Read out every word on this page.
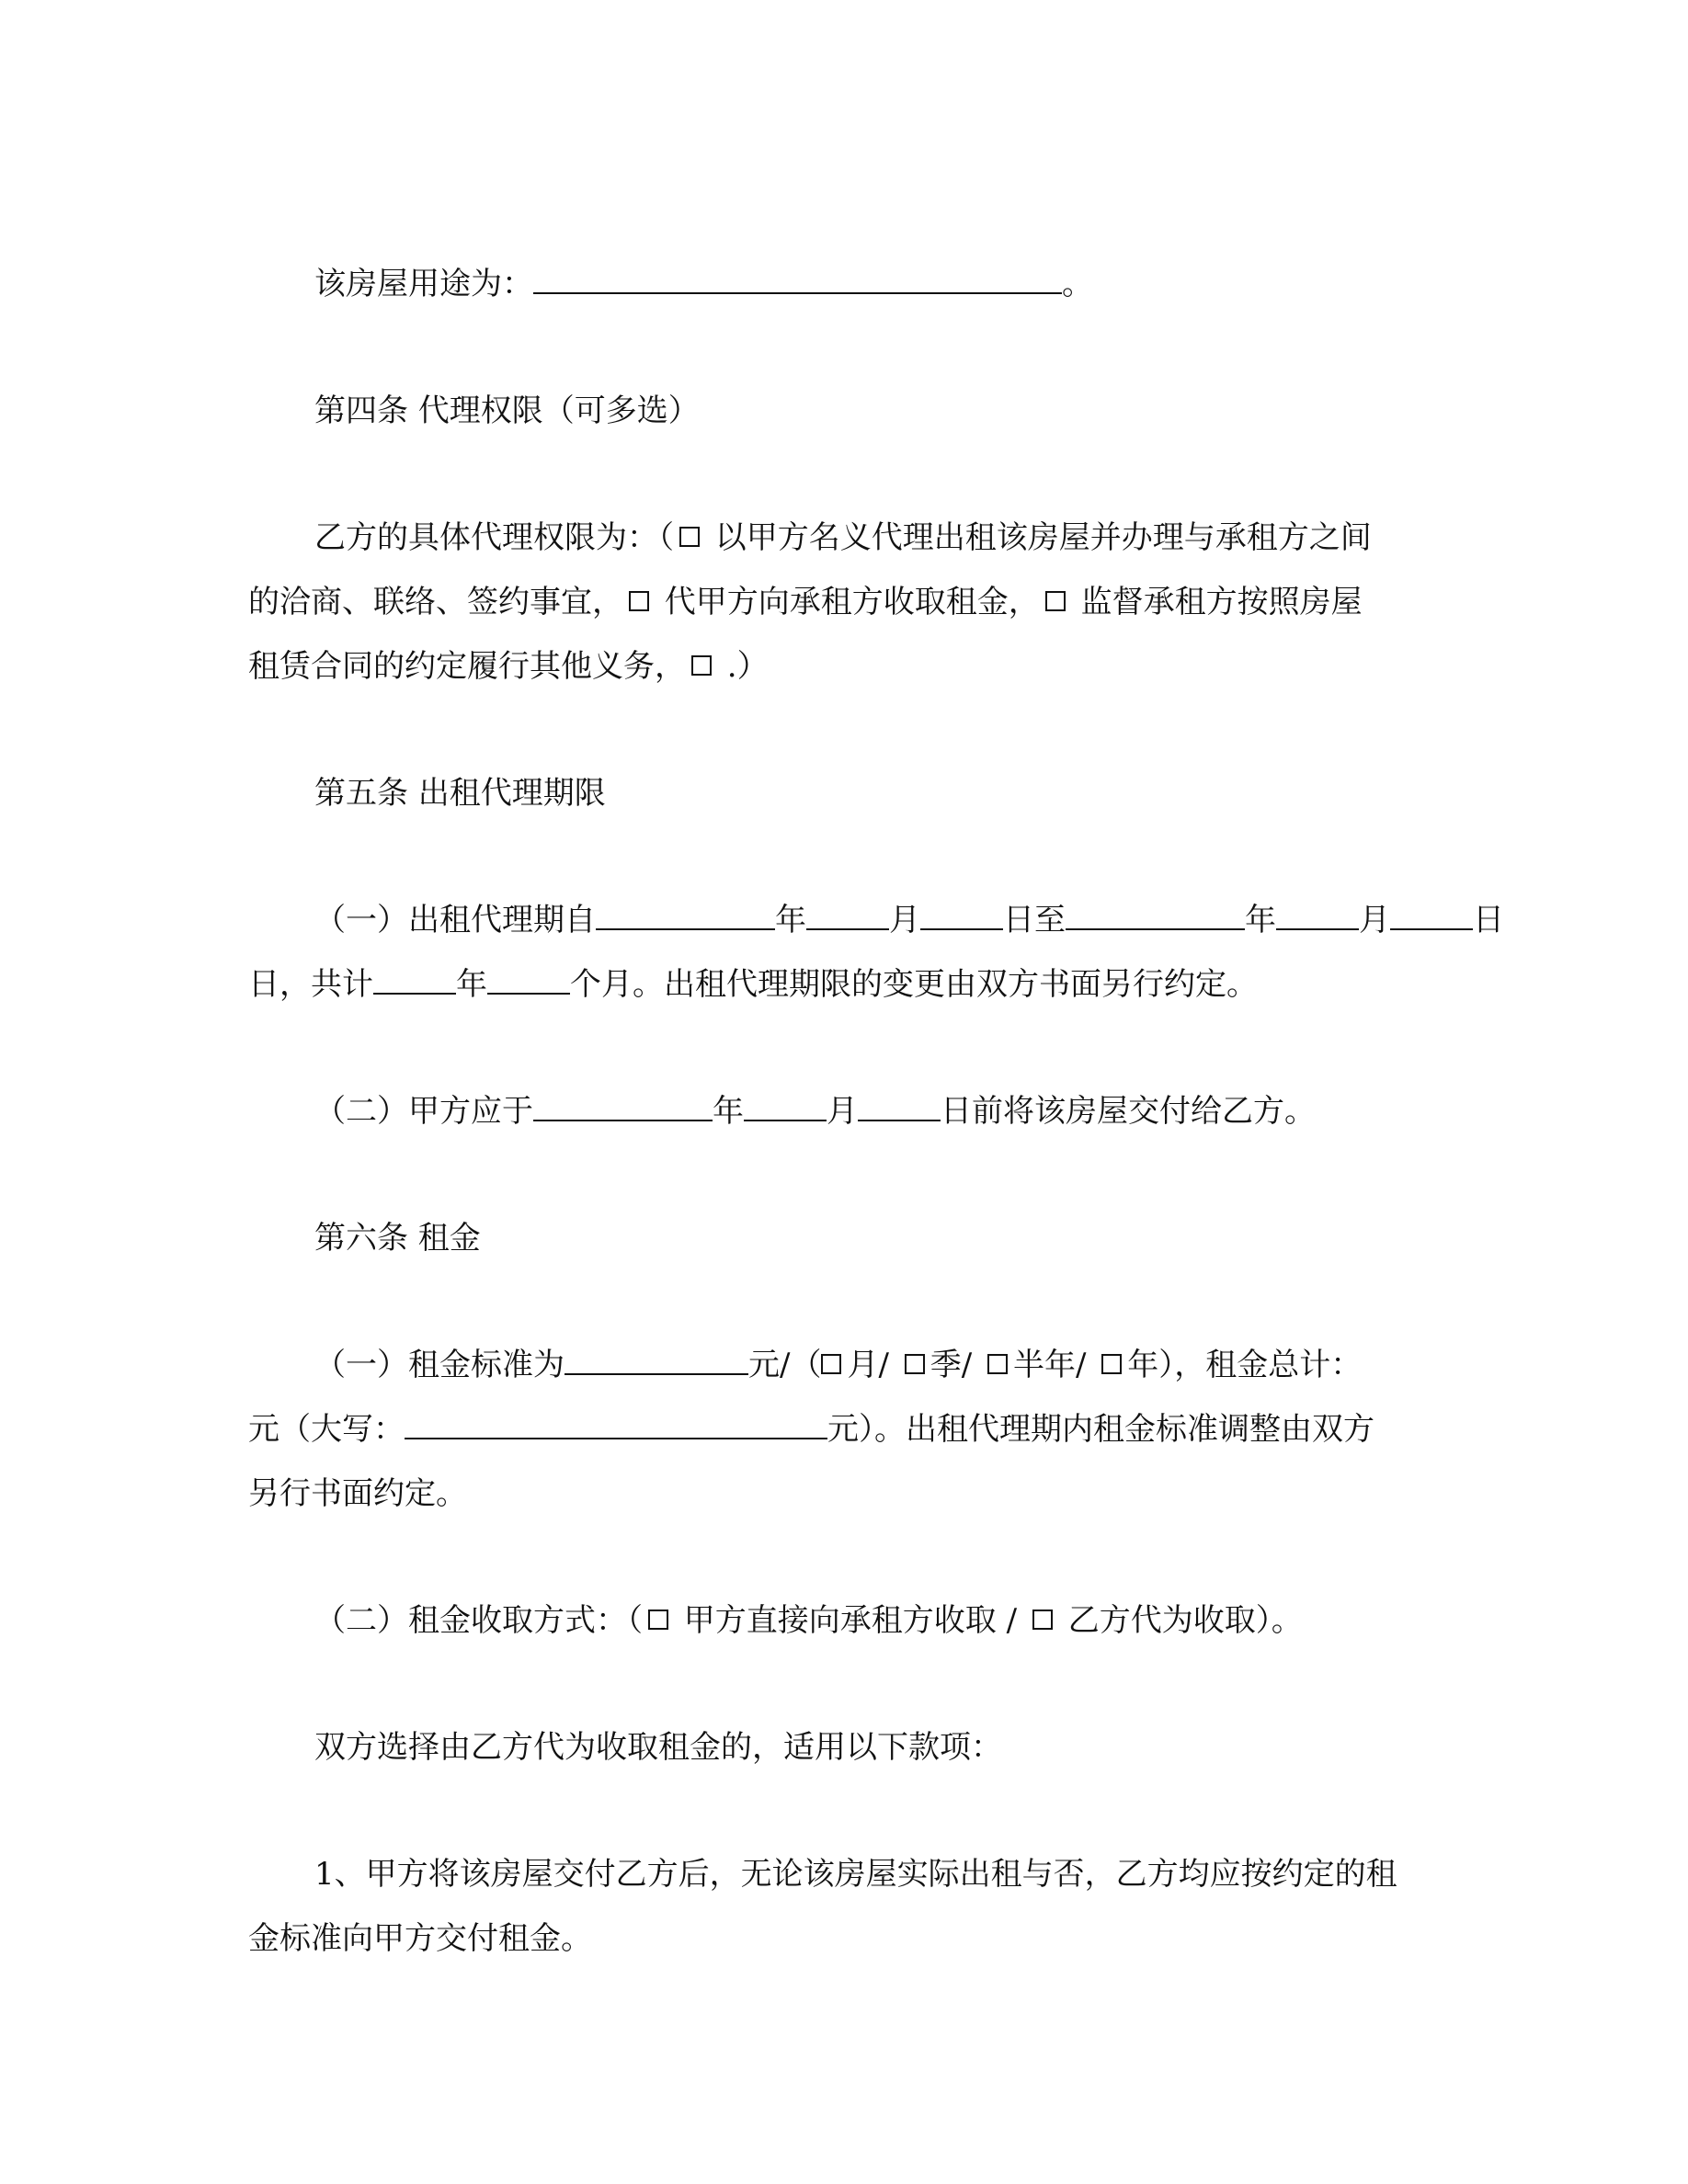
该房屋用途为：	。
第四条 代理权限（可多选）
乙方的具体代理权限为：（ 以甲方名义代理出租该房屋并办理与承租方之间
的洽商、联络、签约事宜， 代甲方向承租方收取租金， 监督承租方按照房屋
租赁合同的约定履行其他义务， .）
第五条 出租代理期限
（一）出租代理期自	年	月	日至	年	月	日
日，共计	年	个月。出租代理期限的变更由双方书面另行约定。
（二）甲方应于	年	月	日前将该房屋交付给乙方。
第六条 租金
（一）租金标准为	元/（ 月/ 季/ 半年/ 年），租金总计：
元（大写：	元）。出租代理期内租金标准调整由双方
另行书面约定。
（二）租金收取方式：（ 甲方直接向承租方收取 /  乙方代为收取）。
双方选择由乙方代为收取租金的，适用以下款项：
1、甲方将该房屋交付乙方后，无论该房屋实际出租与否，乙方均应按约定的租
金标准向甲方交付租金。
